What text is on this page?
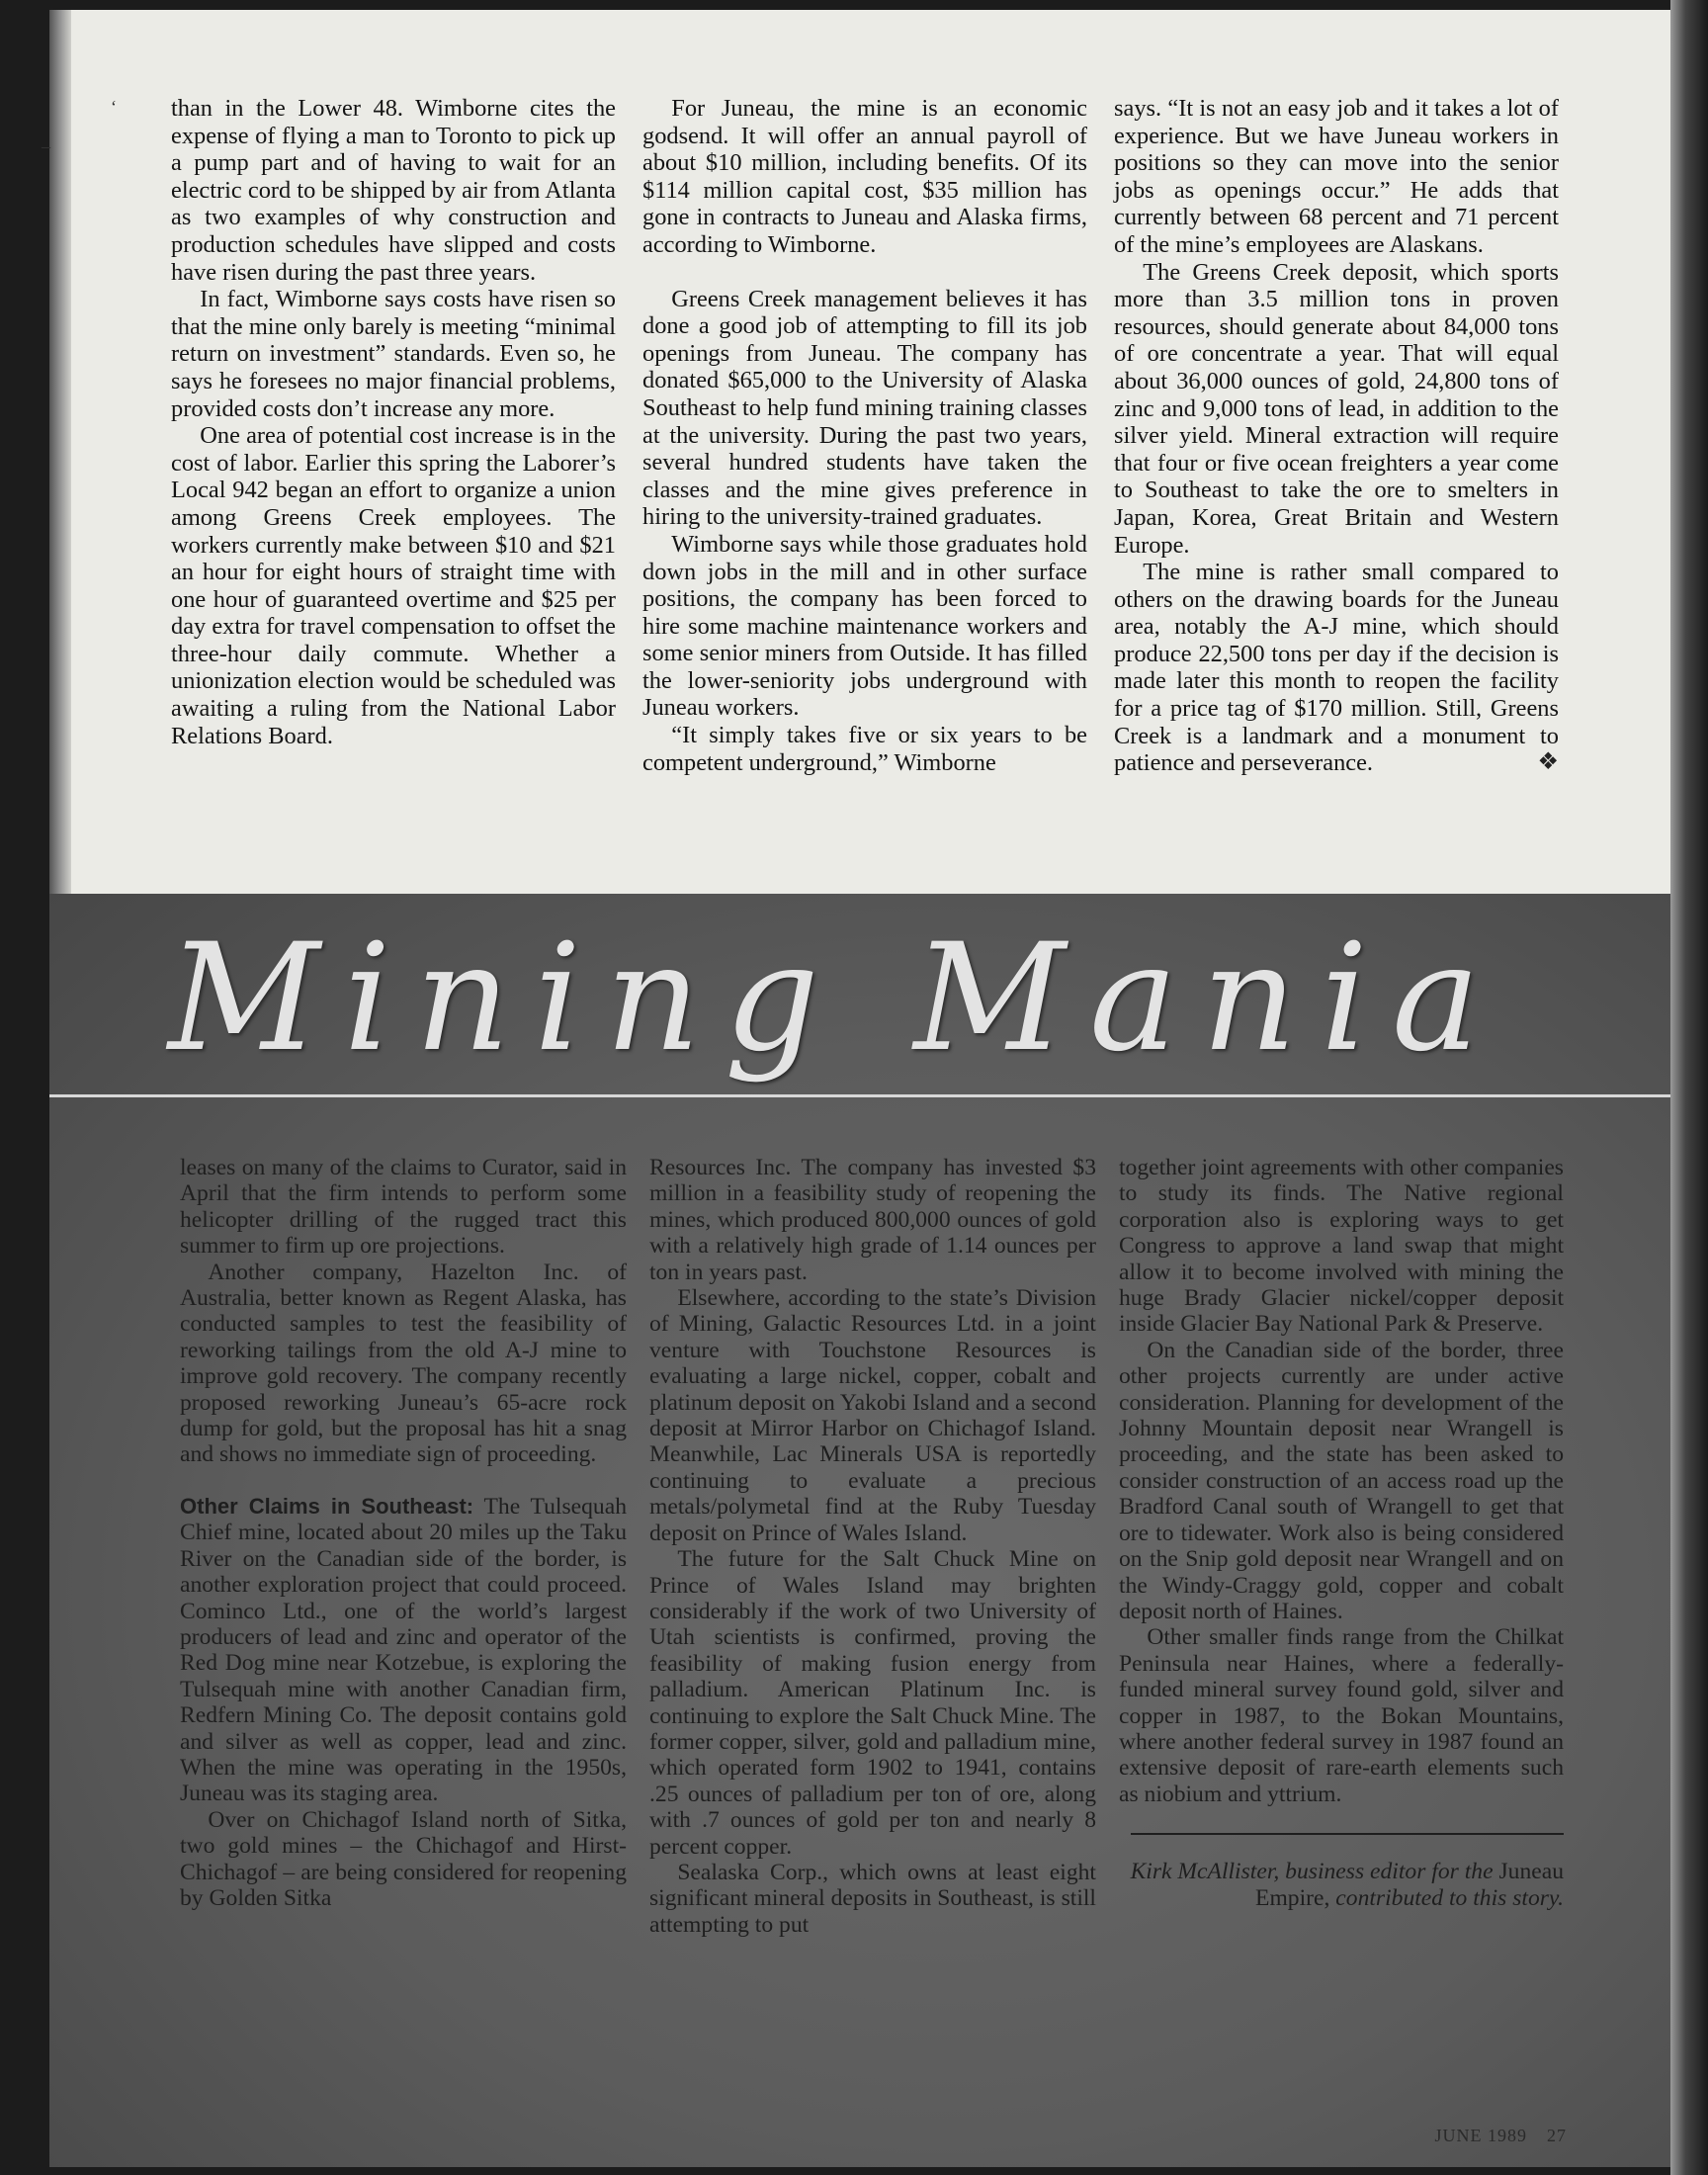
‘
–

than in the Lower 48. Wimborne cites the expense of flying a man to Toronto to pick up a pump part and of having to wait for an electric cord to be shipped by air from Atlanta as two examples of why construction and production schedules have slipped and costs have risen during the past three years.

In fact, Wimborne says costs have risen so that the mine only barely is meeting “minimal return on investment” standards. Even so, he says he foresees no major financial problems, provided costs don’t increase any more.

One area of potential cost increase is in the cost of labor. Earlier this spring the Laborer’s Local 942 began an effort to organize a union among Greens Creek employees. The workers currently make between $10 and $21 an hour for eight hours of straight time with one hour of guaranteed overtime and $25 per day extra for travel compensation to offset the three-hour daily commute. Whether a unionization election would be scheduled was awaiting a ruling from the National Labor Relations Board.

For Juneau, the mine is an economic godsend. It will offer an annual payroll of about $10 million, including benefits. Of its $114 million capital cost, $35 million has gone in contracts to Juneau and Alaska firms, according to Wimborne.

Greens Creek management believes it has done a good job of attempting to fill its job openings from Juneau. The company has donated $65,000 to the University of Alaska Southeast to help fund mining training classes at the university. During the past two years, several hundred students have taken the classes and the mine gives preference in hiring to the university-trained graduates.

Wimborne says while those graduates hold down jobs in the mill and in other surface positions, the company has been forced to hire some machine maintenance workers and some senior miners from Outside. It has filled the lower-seniority jobs underground with Juneau workers.

“It simply takes five or six years to be competent underground,” Wimborne

says. “It is not an easy job and it takes a lot of experience. But we have Juneau workers in positions so they can move into the senior jobs as openings occur.” He adds that currently between 68 percent and 71 percent of the mine’s employees are Alaskans.

The Greens Creek deposit, which sports more than 3.5 million tons in proven resources, should generate about 84,000 tons of ore concentrate a year. That will equal about 36,000 ounces of gold, 24,800 tons of zinc and 9,000 tons of lead, in addition to the silver yield. Mineral extraction will require that four or five ocean freighters a year come to Southeast to take the ore to smelters in Japan, Korea, Great Britain and Western Europe.

The mine is rather small compared to others on the drawing boards for the Juneau area, notably the A-J mine, which should produce 22,500 tons per day if the decision is made later this month to reopen the facility for a price tag of $170 million. Still, Greens Creek is a landmark and a monument to patience and perseverance.	❖

Mining Mania

leases on many of the claims to Curator, said in April that the firm intends to perform some helicopter drilling of the rugged tract this summer to firm up ore projections.

Another company, Hazelton Inc. of Australia, better known as Regent Alaska, has conducted samples to test the feasibility of reworking tailings from the old A-J mine to improve gold recovery. The company recently proposed reworking Juneau’s 65-acre rock dump for gold, but the proposal has hit a snag and shows no immediate sign of proceeding.

Other Claims in Southeast: The Tulsequah Chief mine, located about 20 miles up the Taku River on the Canadian side of the border, is another exploration project that could proceed. Cominco Ltd., one of the world’s largest producers of lead and zinc and operator of the Red Dog mine near Kotzebue, is exploring the Tulsequah mine with another Canadian firm, Redfern Mining Co. The deposit contains gold and silver as well as copper, lead and zinc. When the mine was operating in the 1950s, Juneau was its staging area.

Over on Chichagof Island north of Sitka, two gold mines – the Chichagof and Hirst-Chichagof – are being considered for reopening by Golden Sitka

Resources Inc. The company has invested $3 million in a feasibility study of reopening the mines, which produced 800,000 ounces of gold with a relatively high grade of 1.14 ounces per ton in years past.

Elsewhere, according to the state’s Division of Mining, Galactic Resources Ltd. in a joint venture with Touchstone Resources is evaluating a large nickel, copper, cobalt and platinum deposit on Yakobi Island and a second deposit at Mirror Harbor on Chichagof Island. Meanwhile, Lac Minerals USA is reportedly continuing to evaluate a precious metals/polymetal find at the Ruby Tuesday deposit on Prince of Wales Island.

The future for the Salt Chuck Mine on Prince of Wales Island may brighten considerably if the work of two University of Utah scientists is confirmed, proving the feasibility of making fusion energy from palladium. American Platinum Inc. is continuing to explore the Salt Chuck Mine. The former copper, silver, gold and palladium mine, which operated form 1902 to 1941, contains .25 ounces of palladium per ton of ore, along with .7 ounces of gold per ton and nearly 8 percent copper.

Sealaska Corp., which owns at least eight significant mineral deposits in Southeast, is still attempting to put

together joint agreements with other companies to study its finds. The Native regional corporation also is exploring ways to get Congress to approve a land swap that might allow it to become involved with mining the huge Brady Glacier nickel/copper deposit inside Glacier Bay National Park & Preserve.

On the Canadian side of the border, three other projects currently are under active consideration. Planning for development of the Johnny Mountain deposit near Wrangell is proceeding, and the state has been asked to consider construction of an access road up the Bradford Canal south of Wrangell to get that ore to tidewater. Work also is being considered on the Snip gold deposit near Wrangell and on the Windy-Craggy gold, copper and cobalt deposit north of Haines.

Other smaller finds range from the Chilkat Peninsula near Haines, where a federally-funded mineral survey found gold, silver and copper in 1987, to the Bokan Mountains, where another federal survey in 1987 found an extensive deposit of rare-earth elements such as niobium and yttrium.

Kirk McAllister, business editor for the Juneau Empire, contributed to this story.

JUNE 1989 27
